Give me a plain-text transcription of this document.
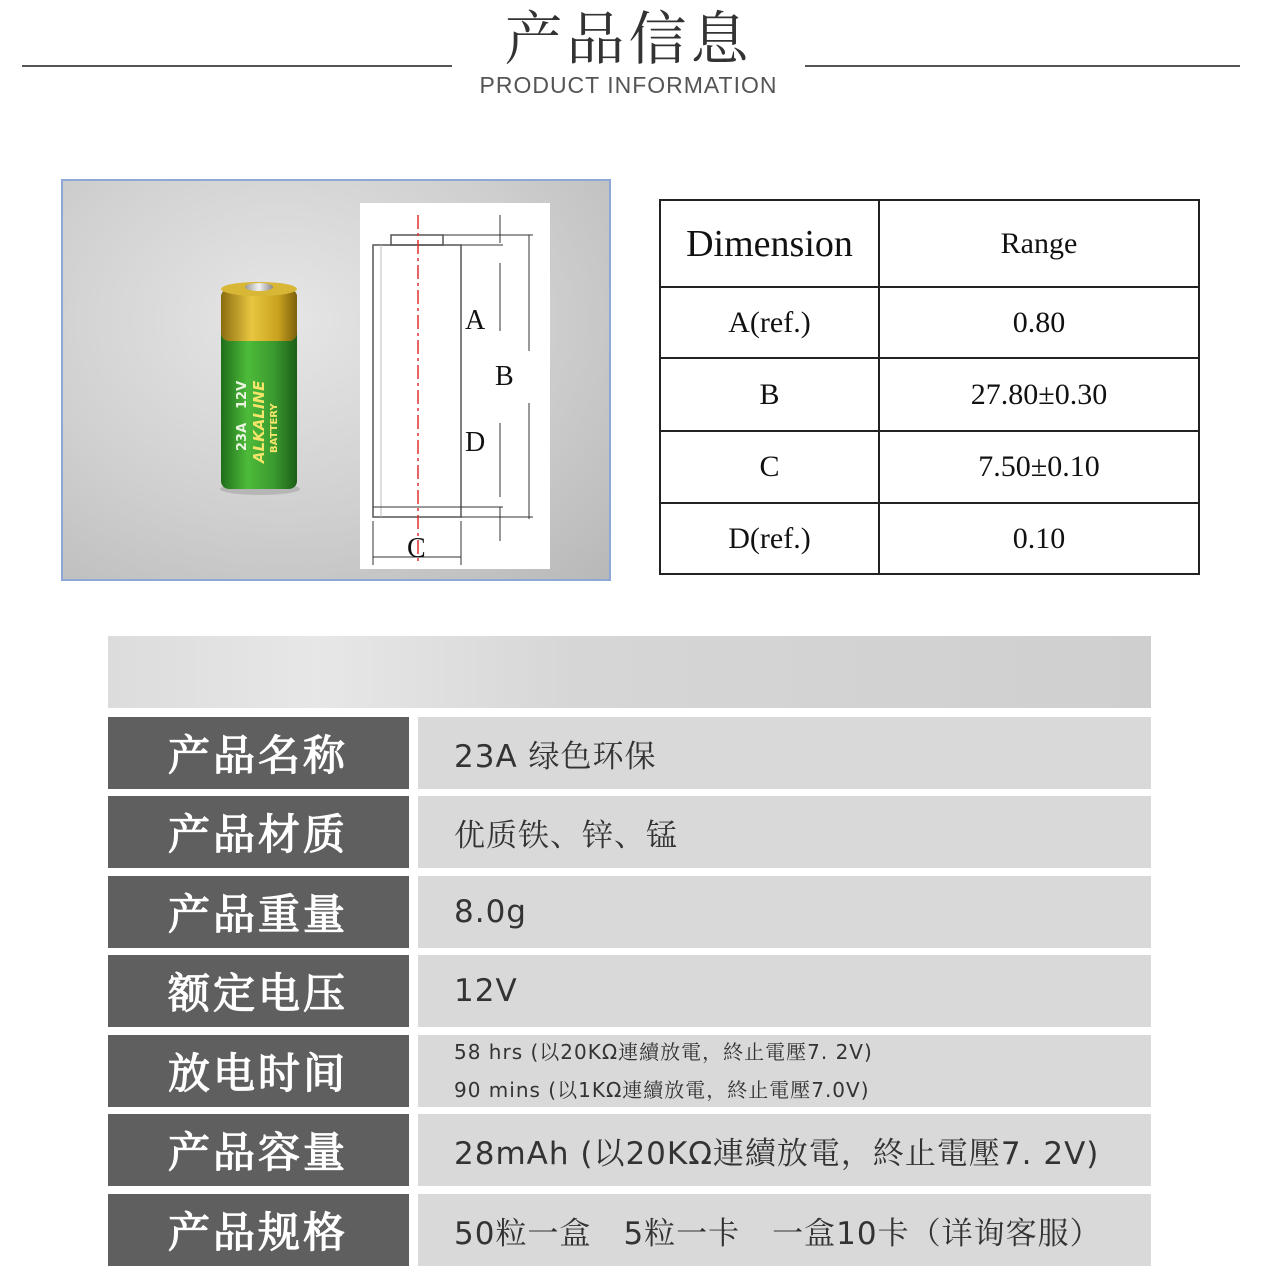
产品信息
PRODUCT INFORMATION
23A
12V ALKALINE BATTERY
A
B
D
C
Dimension	Range
A(ref.)	0.80
B	27.80±0.30
C	7.50±0.10
D(ref.)	0.10
产品名称	23A 绿色环保
产品材质	优质铁、锌、锰
产品重量	8.0g
额定电压	12V
放电时间	58 hrs (以20KΩ連續放電，終止電壓7. 2V)
90 mins (以1KΩ連續放電，終止電壓7.0V)
产品容量	28mAh (以20KΩ連續放電，終止電壓7. 2V)
产品规格	50粒一盒　5粒一卡　一盒10卡（详询客服）
